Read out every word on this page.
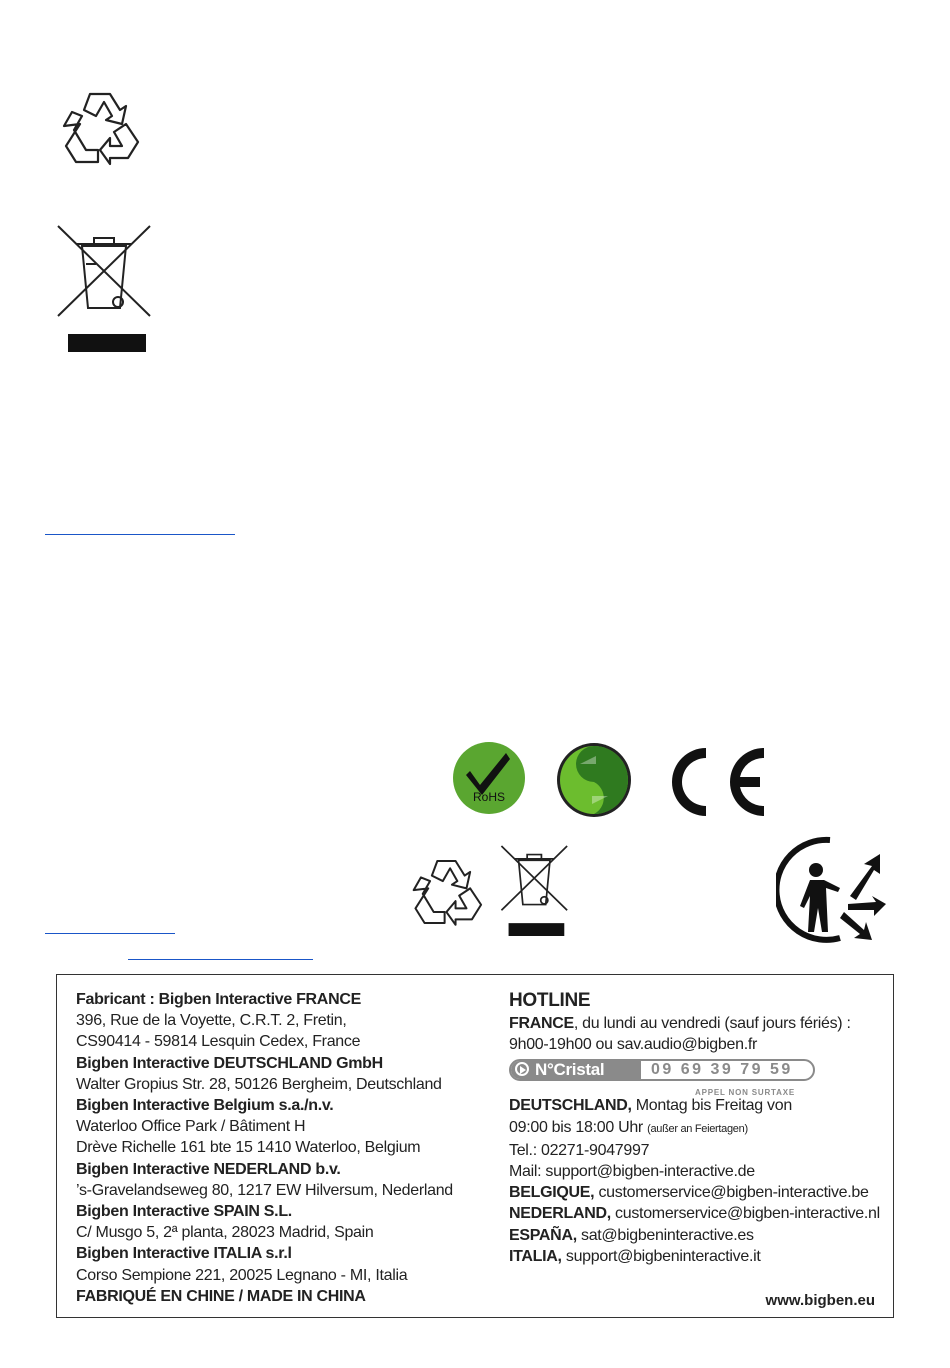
RoHS
Fabricant : Bigben Interactive FRANCE
396, Rue de la Voyette, C.R.T. 2, Fretin,
CS90414 - 59814 Lesquin Cedex, France
Bigben Interactive DEUTSCHLAND GmbH
Walter Gropius Str. 28, 50126 Bergheim, Deutschland
Bigben Interactive Belgium s.a./n.v.
Waterloo Office Park / Bâtiment H
Drève Richelle 161 bte 15 1410 Waterloo, Belgium
Bigben Interactive NEDERLAND b.v.
’s-Gravelandseweg 80, 1217 EW Hilversum, Nederland
Bigben Interactive SPAIN S.L.
C/ Musgo 5, 2ª planta, 28023 Madrid, Spain
Bigben Interactive ITALIA s.r.l
Corso Sempione 221, 20025 Legnano - MI, Italia
FABRIQUÉ EN CHINE / MADE IN CHINA
HOTLINE
FRANCE, du lundi au vendredi (sauf jours fériés) :
9h00-19h00 ou sav.audio@bigben.fr
N°Cristal	09 69 39 79 59
APPEL NON SURTAXE
DEUTSCHLAND, Montag bis Freitag von
09:00 bis 18:00 Uhr (außer an Feiertagen)
Tel.: 02271-9047997
Mail: support@bigben-interactive.de
BELGIQUE, customerservice@bigben-interactive.be
NEDERLAND, customerservice@bigben-interactive.nl
ESPAÑA, sat@bigbeninteractive.es
ITALIA, support@bigbeninteractive.it
www.bigben.eu
